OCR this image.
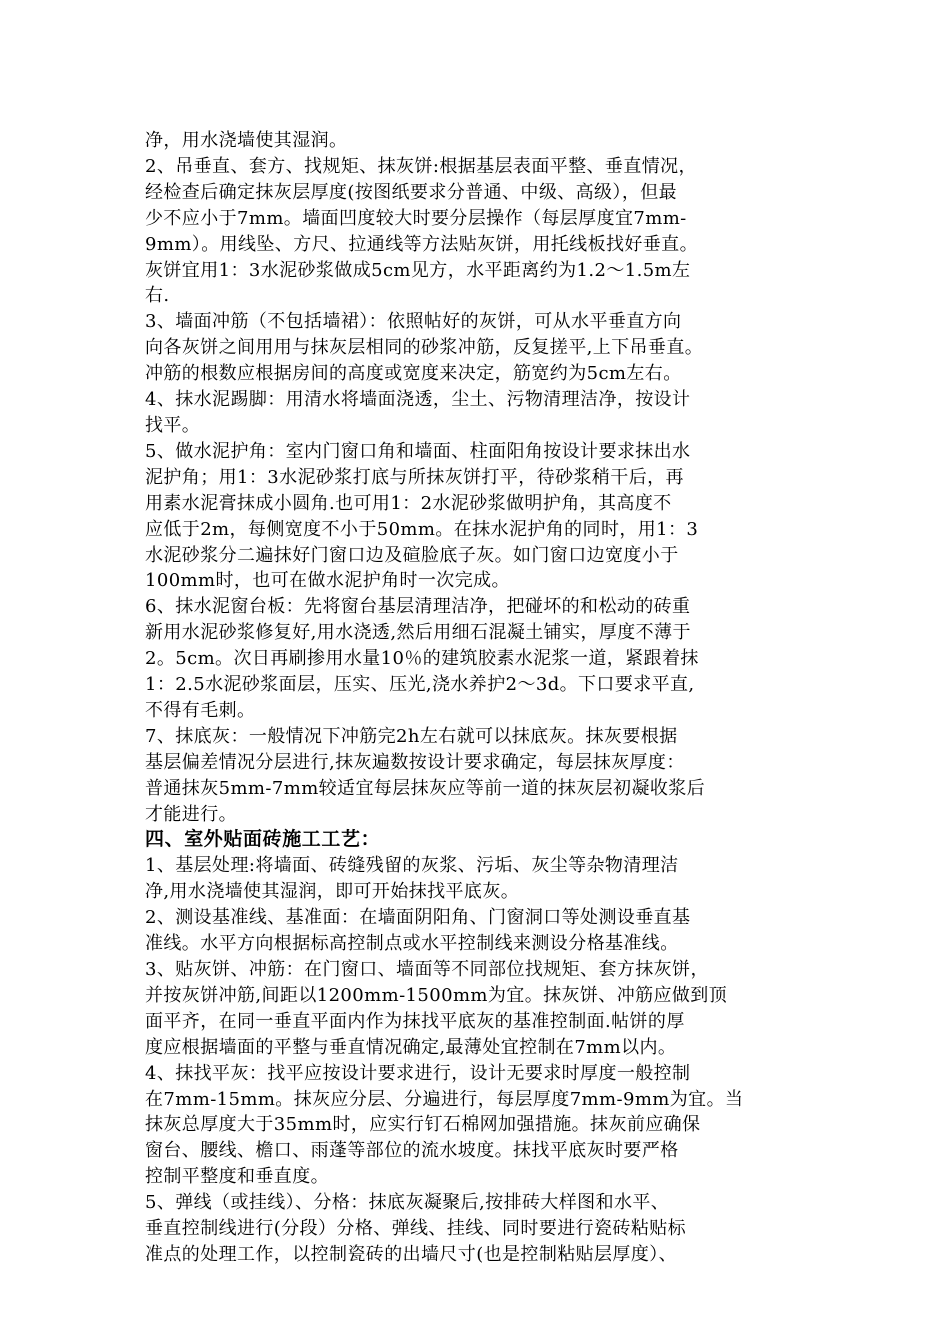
净，用水浇墙使其湿润。
2、吊垂直、套方、找规矩、抹灰饼:根据基层表面平整、垂直情况，
经检查后确定抹灰层厚度(按图纸要求分普通、中级、高级），但最
少不应小于7mm。墙面凹度较大时要分层操作（每层厚度宜7mm-
9mm）。用线坠、方尺、拉通线等方法贴灰饼，用托线板找好垂直。
灰饼宜用1：3水泥砂浆做成5cm见方，水平距离约为1.2～1.5m左
右.
3、墙面冲筋（不包括墙裙）：依照帖好的灰饼，可从水平垂直方向
向各灰饼之间用用与抹灰层相同的砂浆冲筋，反复搓平,上下吊垂直。
冲筋的根数应根据房间的高度或宽度来决定，筋宽约为5cm左右。
4、抹水泥踢脚：用清水将墙面浇透，尘土、污物清理洁净，按设计
找平。
5、做水泥护角：室内门窗口角和墙面、柱面阳角按设计要求抹出水
泥护角；用1：3水泥砂浆打底与所抹灰饼打平，待砂浆稍干后，再
用素水泥膏抹成小圆角.也可用1：2水泥砂浆做明护角，其高度不
应低于2m，每侧宽度不小于50mm。在抹水泥护角的同时，用1：3
水泥砂浆分二遍抹好门窗口边及碹脸底子灰。如门窗口边宽度小于
100mm时，也可在做水泥护角时一次完成。
6、抹水泥窗台板：先将窗台基层清理洁净，把碰坏的和松动的砖重
新用水泥砂浆修复好,用水浇透,然后用细石混凝土铺实，厚度不薄于
2。5cm。次日再刷掺用水量10％的建筑胶素水泥浆一道，紧跟着抹
1：2.5水泥砂浆面层，压实、压光,浇水养护2～3d。下口要求平直,
不得有毛刺。
7、抹底灰：一般情况下冲筋完2h左右就可以抹底灰。抹灰要根据
基层偏差情况分层进行,抹灰遍数按设计要求确定，每层抹灰厚度：
普通抹灰5mm-7mm较适宜每层抹灰应等前一道的抹灰层初凝收浆后
才能进行。
四、室外贴面砖施工工艺：
1、基层处理:将墙面、砖缝残留的灰浆、污垢、灰尘等杂物清理洁
净,用水浇墙使其湿润，即可开始抹找平底灰。
2、测设基准线、基准面：在墙面阴阳角、门窗洞口等处测设垂直基
准线。水平方向根据标高控制点或水平控制线来测设分格基准线。
3、贴灰饼、冲筋：在门窗口、墙面等不同部位找规矩、套方抹灰饼，
并按灰饼冲筋,间距以1200mm-1500mm为宜。抹灰饼、冲筋应做到顶
面平齐，在同一垂直平面内作为抹找平底灰的基准控制面.帖饼的厚
度应根据墙面的平整与垂直情况确定,最薄处宜控制在7mm以内。
4、抹找平灰：找平应按设计要求进行，设计无要求时厚度一般控制
在7mm-15mm。抹灰应分层、分遍进行，每层厚度7mm-9mm为宜。当
抹灰总厚度大于35mm时，应实行钉石棉网加强措施。抹灰前应确保
窗台、腰线、檐口、雨蓬等部位的流水坡度。抹找平底灰时要严格
控制平整度和垂直度。
5、弹线（或挂线）、分格：抹底灰凝聚后,按排砖大样图和水平、
垂直控制线进行(分段）分格、弹线、挂线、同时要进行瓷砖粘贴标
准点的处理工作，以控制瓷砖的出墙尺寸(也是控制粘贴层厚度）、
